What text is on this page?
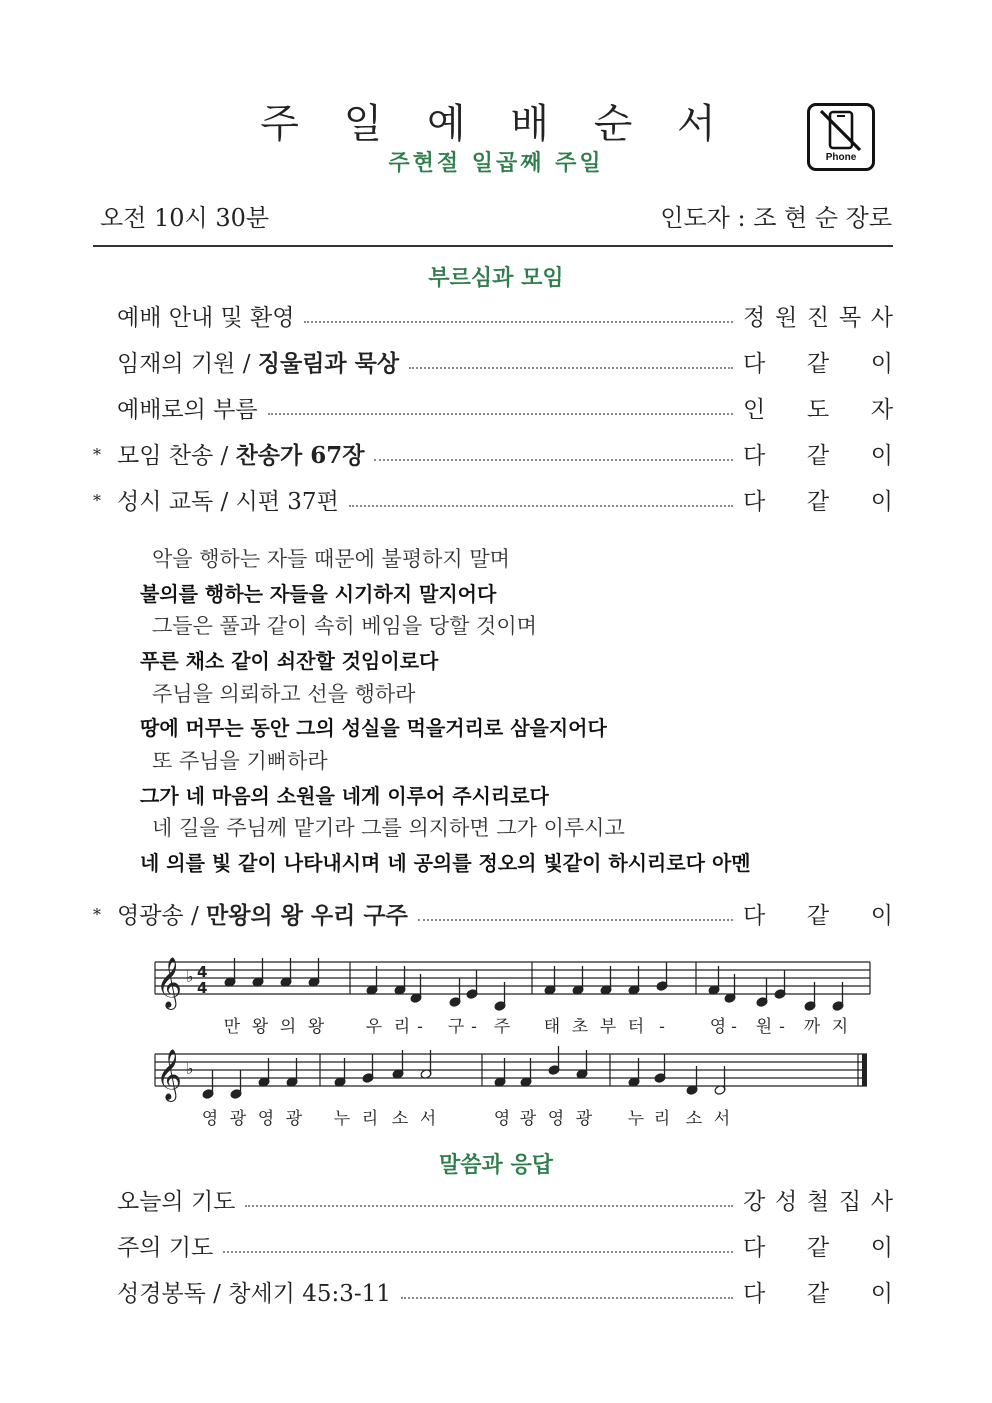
주 일 예 배 순 서
주현절 일곱째 주일	Phone
오전 10시 30분	인도자 : 조 현 순 장로
부르심과 모임
예배 안내 및 환영	정 원 진 목 사
임재의 기원 / 징울림과 묵상	다 같 이
예배로의 부름	인 도 자
* 모임 찬송 / 찬송가 67장	다 같 이
* 성시 교독 / 시편 37편	다 같 이
악을 행하는 자들 때문에 불평하지 말며
불의를 행하는 자들을 시기하지 말지어다
그들은 풀과 같이 속히 베임을 당할 것이며
푸른 채소 같이 쇠잔할 것임이로다
주님을 의뢰하고 선을 행하라
땅에 머무는 동안 그의 성실을 먹을거리로 삼을지어다
또 주님을 기뻐하라
그가 네 마음의 소원을 네게 이루어 주시리로다
네 길을 주님께 맡기라 그를 의지하면 그가 이루시고
네 의를 빛 같이 나타내시며 네 공의를 정오의 빛같이 하시리로다 아멘
* 영광송 / 만왕의 왕 우리 구주	다 같 이
𝄞
𝄞
♭
♭
4
4
만 왕 의 왕 우 리 - 구 - 주 태 초 부 터 -	영 - 원 - 까 지
영 광 영 광 누 리 소 서	영 광 영 광 누 리 소 서
말씀과 응답
오늘의 기도	강 성 철 집 사
주의 기도	다 같 이
성경봉독 / 창세기 45:3-11	다 같 이
